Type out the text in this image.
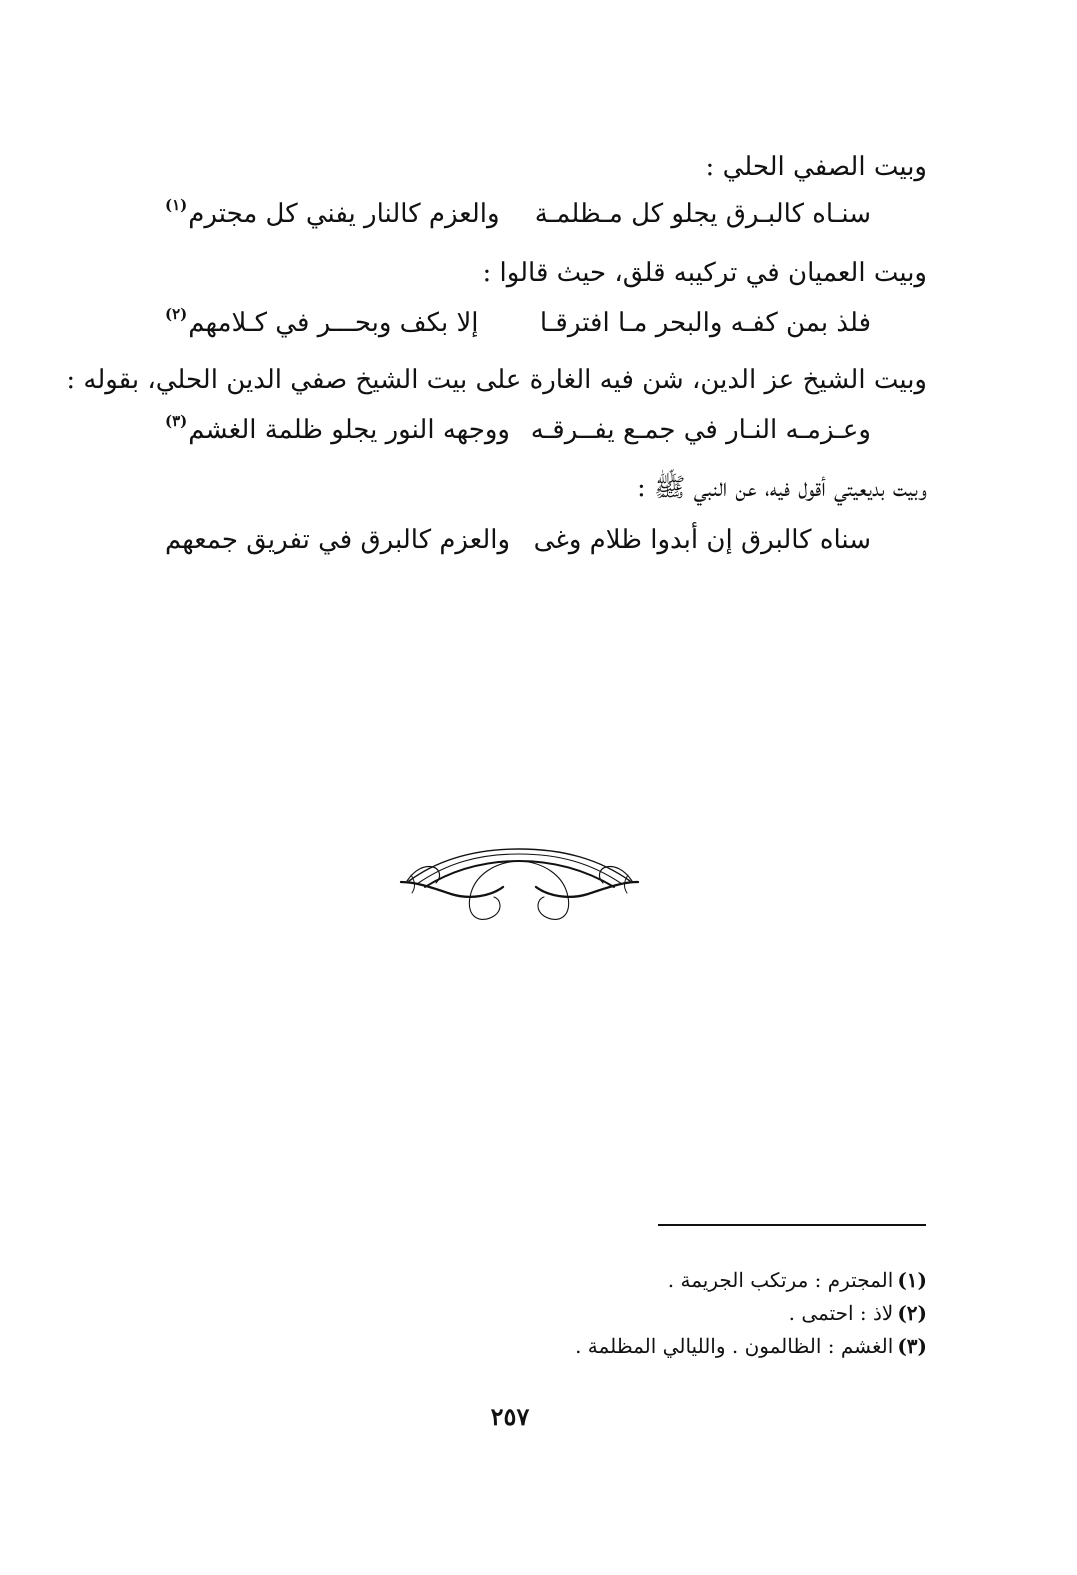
وبيت الصفي الحلي :
سنـاه كالبـرق يجلو كل مـظلمـة
والعزم كالنار يفني كل مجترم$^{(١)}$
وبيت العميان في تركيبه قلق، حيث قالوا :
فلذ بمن كفـه والبحر مـا افترقـا
إلا بكف وبحـــر في كـلامهم$^{(٢)}$
وبيت الشيخ عز الدين، شن فيه الغارة على بيت الشيخ صفي الدين الحلي، بقوله :
وعـزمـه النـار في جمـع يفــرقـه
ووجهه النور يجلو ظلمة الغشم$^{(٣)}$
وبيت بديعيتي أقول فيه، عن النبي ﷺ :
سناه كالبرق إن أبدوا ظلام وغى
والعزم كالبرق في تفريق جمعهم
(١)المجترم : مرتكب الجريمة .
(٢)لاذ : احتمى .
(٣)الغشم : الظالمون . والليالي المظلمة .
٢٥٧
